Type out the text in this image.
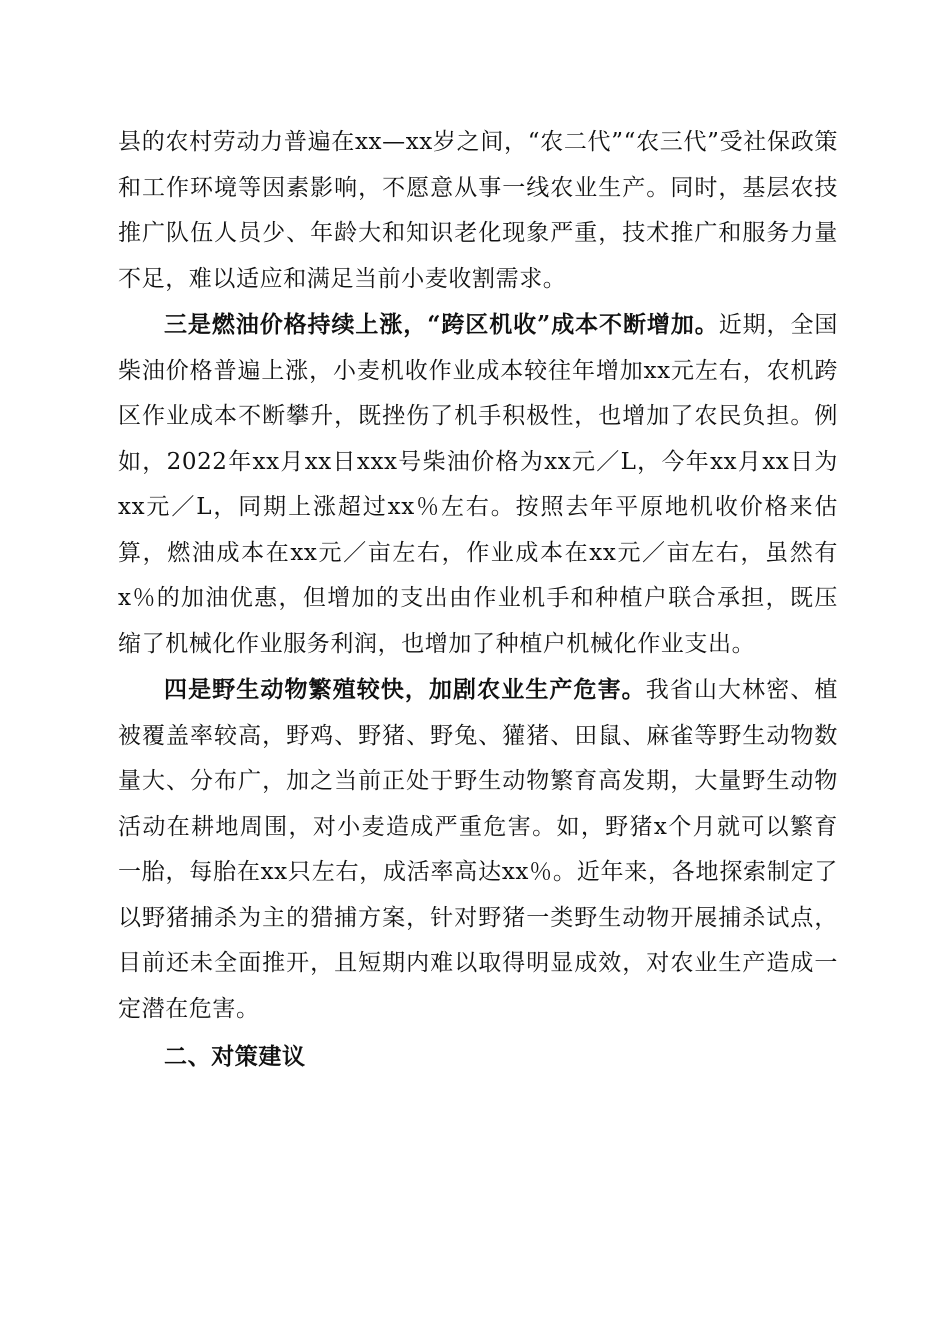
县的农村劳动力普遍在xx—xx岁之间，“农二代”“农三代”受社保政策和工作环境等因素影响，不愿意从事一线农业生产。同时，基层农技推广队伍人员少、年龄大和知识老化现象严重，技术推广和服务力量不足，难以适应和满足当前小麦收割需求。

三是燃油价格持续上涨，“跨区机收”成本不断增加。近期，全国柴油价格普遍上涨，小麦机收作业成本较往年增加xx元左右，农机跨区作业成本不断攀升，既挫伤了机手积极性，也增加了农民负担。例如，2022年xx月xx日xxx号柴油价格为xx元／L，今年xx月xx日为xx元／L，同期上涨超过xx％左右。按照去年平原地机收价格来估算，燃油成本在xx元／亩左右，作业成本在xx元／亩左右，虽然有x％的加油优惠，但增加的支出由作业机手和种植户联合承担，既压缩了机械化作业服务利润，也增加了种植户机械化作业支出。

四是野生动物繁殖较快，加剧农业生产危害。我省山大林密、植被覆盖率较高，野鸡、野猪、野兔、獾猪、田鼠、麻雀等野生动物数量大、分布广，加之当前正处于野生动物繁育高发期，大量野生动物活动在耕地周围，对小麦造成严重危害。如，野猪x个月就可以繁育一胎，每胎在xx只左右，成活率高达xx％。近年来，各地探索制定了以野猪捕杀为主的猎捕方案，针对野猪一类野生动物开展捕杀试点，目前还未全面推开，且短期内难以取得明显成效，对农业生产造成一定潜在危害。

二、对策建议
